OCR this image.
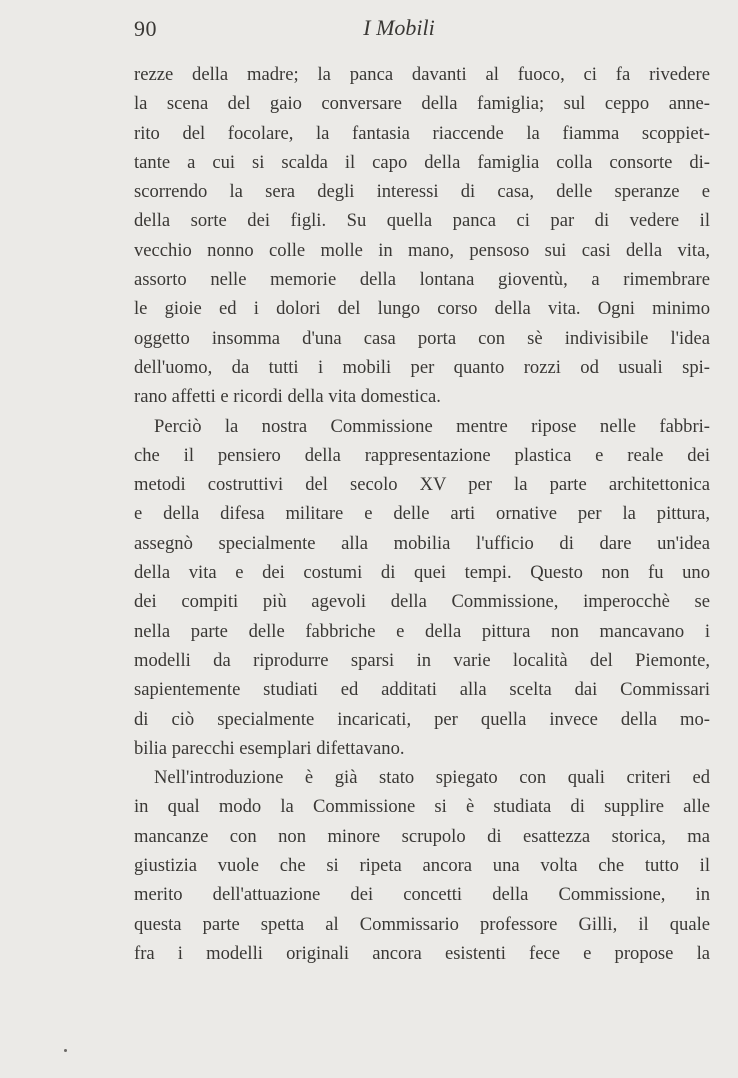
90	I Mobili
rezze della madre; la panca davanti al fuoco, ci fa rivedere
la scena del gaio conversare della famiglia; sul ceppo anne-
rito del focolare, la fantasia riaccende la fiamma scoppiet-
tante a cui si scalda il capo della famiglia colla consorte di-
scorrendo la sera degli interessi di casa, delle speranze e
della sorte dei figli. Su quella panca ci par di vedere il
vecchio nonno colle molle in mano, pensoso sui casi della vita,
assorto nelle memorie della lontana gioventù, a rimembrare
le gioie ed i dolori del lungo corso della vita. Ogni minimo
oggetto insomma d'una casa porta con sè indivisibile l'idea
dell'uomo, da tutti i mobili per quanto rozzi od usuali spi-
rano affetti e ricordi della vita domestica.
Perciò la nostra Commissione mentre ripose nelle fabbri-
che il pensiero della rappresentazione plastica e reale dei
metodi costruttivi del secolo XV per la parte architettonica
e della difesa militare e delle arti ornative per la pittura,
assegnò specialmente alla mobilia l'ufficio di dare un'idea
della vita e dei costumi di quei tempi. Questo non fu uno
dei compiti più agevoli della Commissione, imperocchè se
nella parte delle fabbriche e della pittura non mancavano i
modelli da riprodurre sparsi in varie località del Piemonte,
sapientemente studiati ed additati alla scelta dai Commissari
di ciò specialmente incaricati, per quella invece della mo-
bilia parecchi esemplari difettavano.
Nell'introduzione è già stato spiegato con quali criteri ed
in qual modo la Commissione si è studiata di supplire alle
mancanze con non minore scrupolo di esattezza storica, ma
giustizia vuole che si ripeta ancora una volta che tutto il
merito dell'attuazione dei concetti della Commissione, in
questa parte spetta al Commissario professore Gilli, il quale
fra i modelli originali ancora esistenti fece e propose la
